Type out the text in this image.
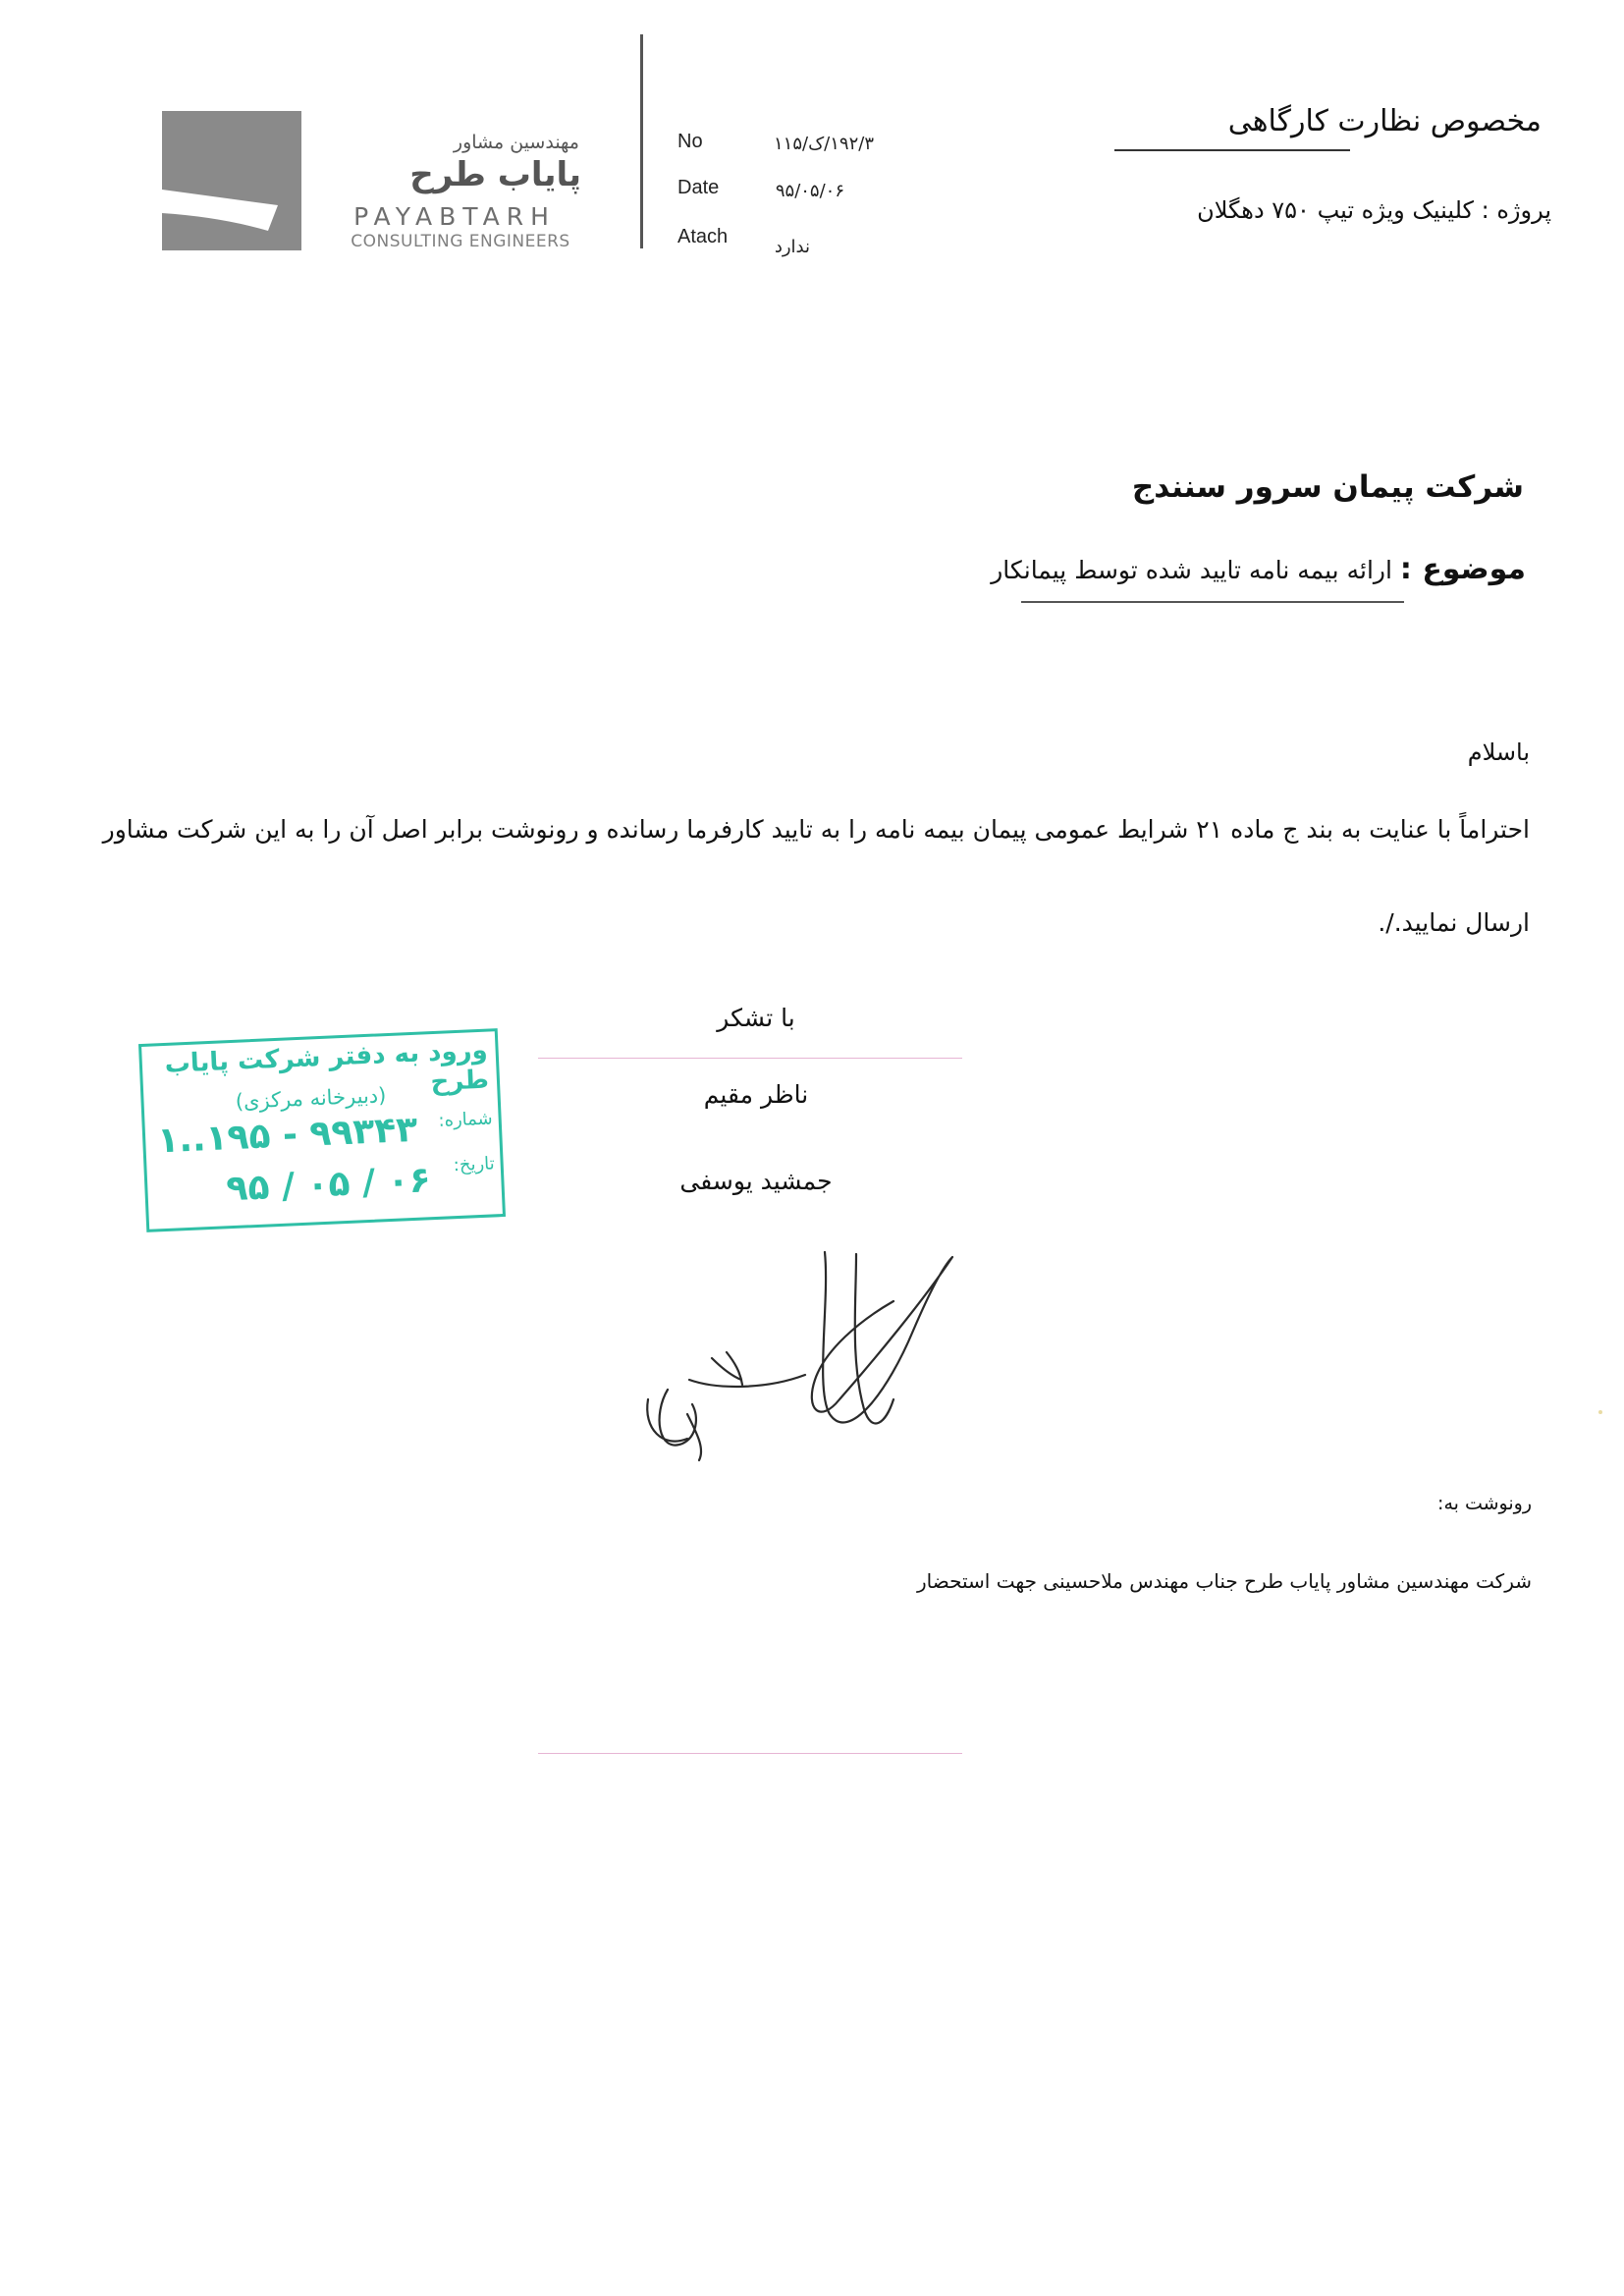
مهندسین مشاور
پایاب طرح
PAYABTARH
CONSULTING ENGINEERS
No
Date
Atach
۱۹۲/۳/ک/۱۱۵
۹۵/۰۵/۰۶
ندارد
مخصوص نظارت کارگاهی
پروژه : کلینیک ویژه تیپ ۷۵۰ دهگلان
شرکت پیمان سرور سنندج
موضوع : ارائه بیمه نامه تایید شده توسط پیمانکار
باسلام
احتراماً با عنایت به بند ج ماده ۲۱ شرایط عمومی پیمان بیمه نامه را به تایید کارفرما رسانده و رونوشت برابر اصل آن را به این شرکت مشاور
ارسال نمایید./.
با تشکر
ناظر مقیم
جمشید یوسفی
ورود به دفتر شرکت پایاب طرح
(دبیرخانه مرکزی)
شماره:
۱..۱۹۵ - ۹۹۳۴۳
تاریخ:
۹۵ / ۰۵ / ۰۶
رونوشت به:
شرکت مهندسین مشاور پایاب طرح جناب مهندس ملاحسینی جهت استحضار
